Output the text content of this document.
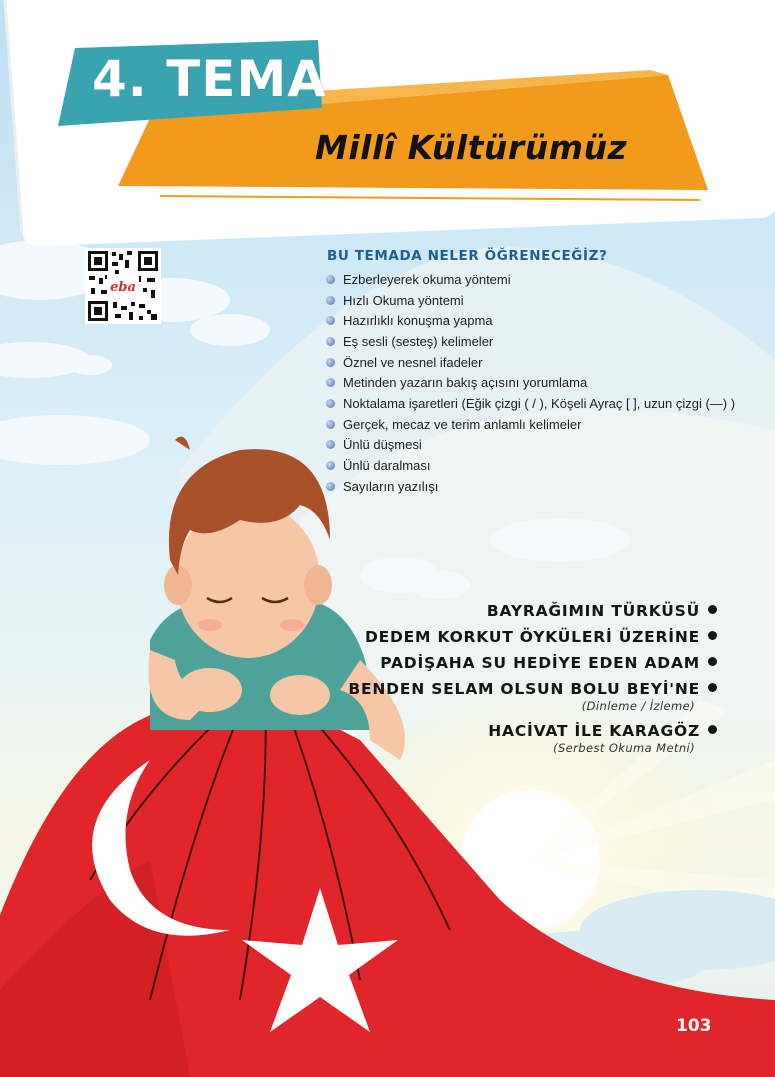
4. TEMA
Millî Kültürümüz
eba
BU TEMADA NELER ÖĞRENECEĞİZ?
Ezberleyerek okuma yöntemi
Hızlı Okuma yöntemi
Hazırlıklı konuşma yapma
Eş sesli (sesteş) kelimeler
Öznel ve nesnel ifadeler
Metinden yazarın bakış açısını yorumlama
Noktalama işaretleri (Eğik çizgi ( / ), Köşeli Ayraç [ ], uzun çizgi (—) )
Gerçek, mecaz ve terim anlamlı kelimeler
Ünlü düşmesi
Ünlü daralması
Sayıların yazılışı
BAYRAĞIMIN TÜRKÜSÜ
DEDEM KORKUT ÖYKÜLERİ ÜZERİNE
PADİŞAHA SU HEDİYE EDEN ADAM
BENDEN SELAM OLSUN BOLU BEYİ'NE
(Dinleme / İzleme)
HACİVAT İLE KARAGÖZ
(Serbest Okuma Metni)
103
